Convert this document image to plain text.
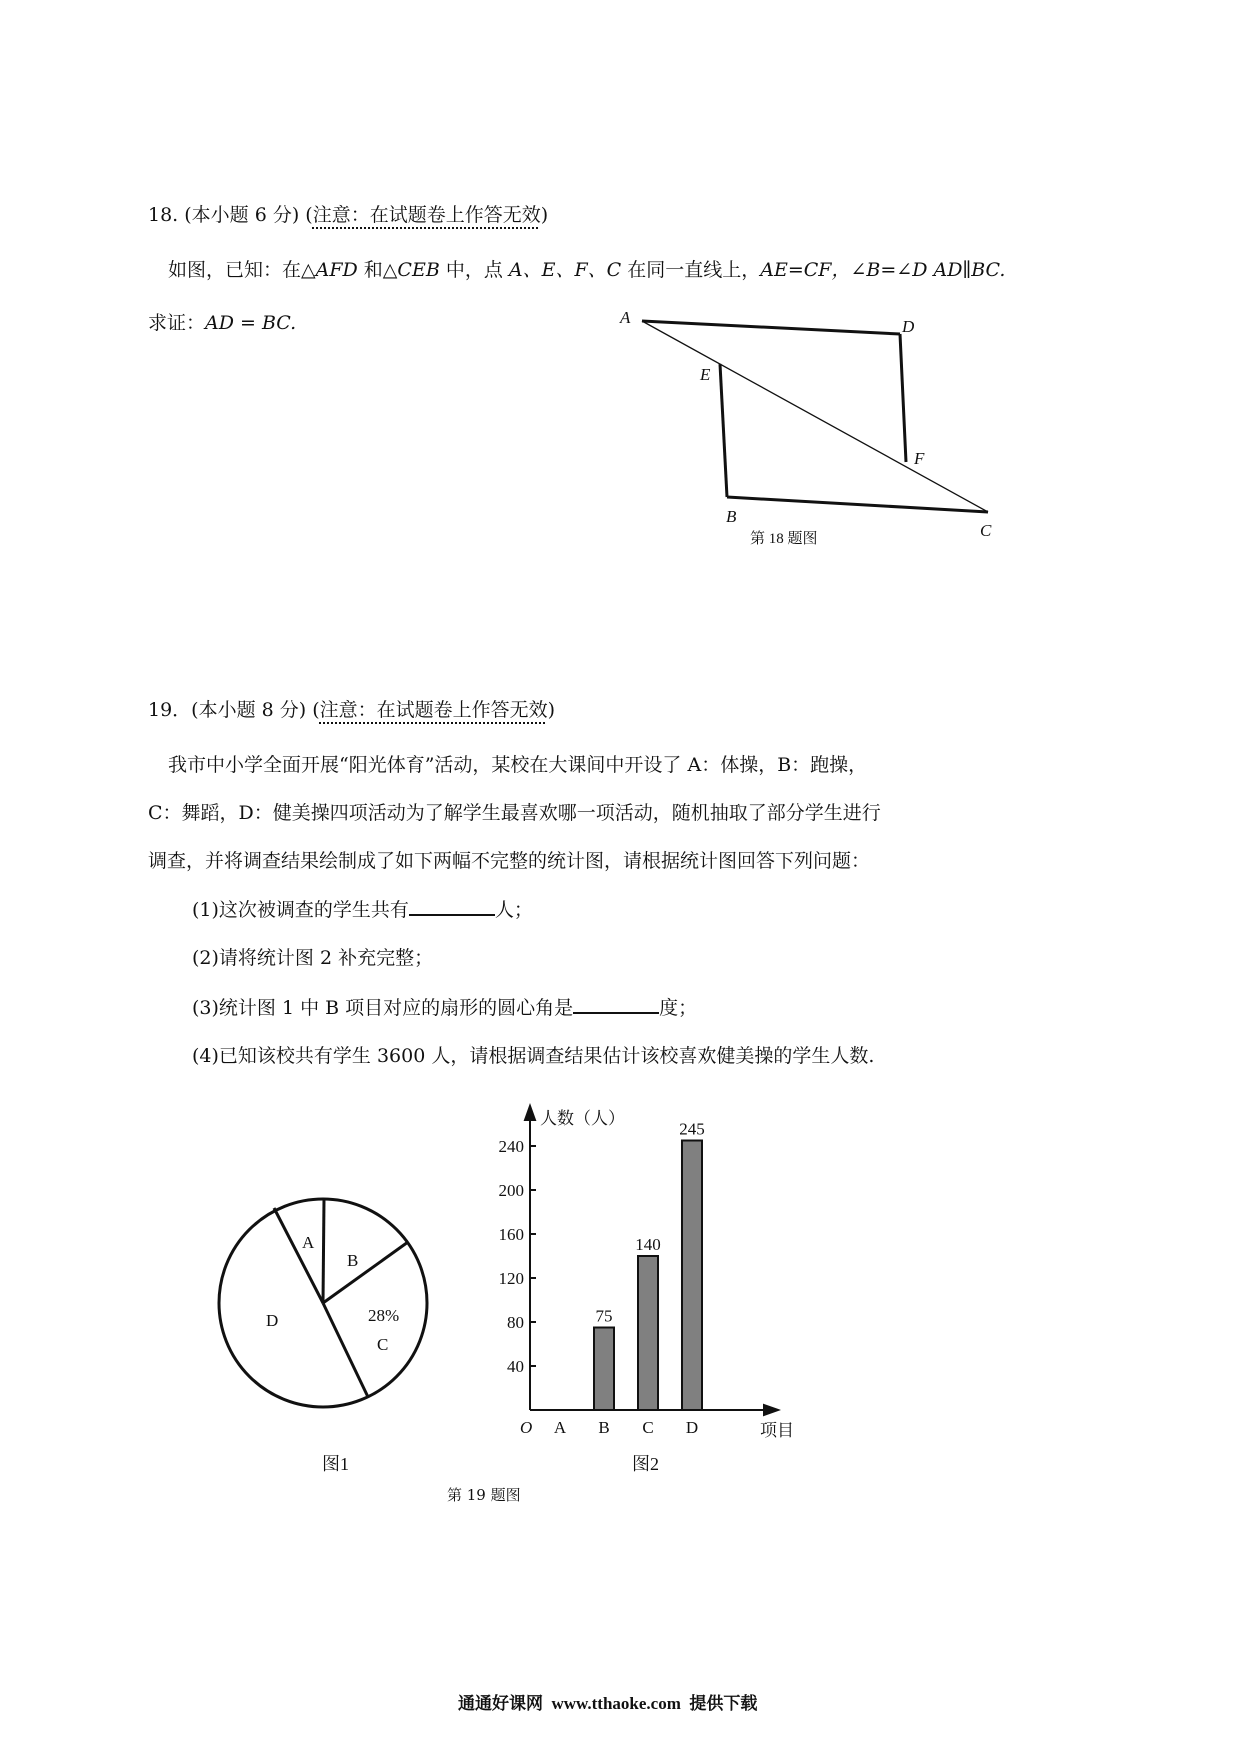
18. (本小题 6 分) (注意：在试题卷上作答无效)
如图，已知：在△AFD 和△CEB 中，点 A、E、F、C 在同一直线上，AE=CF，∠B=∠D AD∥BC.
求证：AD = BC.	A	D
E
F
B
C
第 18 题图
19．(本小题 8 分) (注意：在试题卷上作答无效)
我市中小学全面开展“阳光体育”活动，某校在大课间中开设了 A：体操，B：跑操，
C：舞蹈，D：健美操四项活动为了解学生最喜欢哪一项活动，随机抽取了部分学生进行
调查，并将调查结果绘制成了如下两幅不完整的统计图，请根据统计图回答下列问题：
(1)这次被调查的学生共有	人；
(2)请将统计图 2 补充完整；
(3)统计图 1 中 B 项目对应的扇形的圆心角是	度；
(4)已知该校共有学生 3600 人，请根据调查结果估计该校喜欢健美操的学生人数.
A
B
28%
C
D
图1
人数（人）
项目
O
40
80
120
160
200
240
75
140
245
A B C D
图2
第 19 题图
通通好课网  www.tthaoke.com  提供下载
